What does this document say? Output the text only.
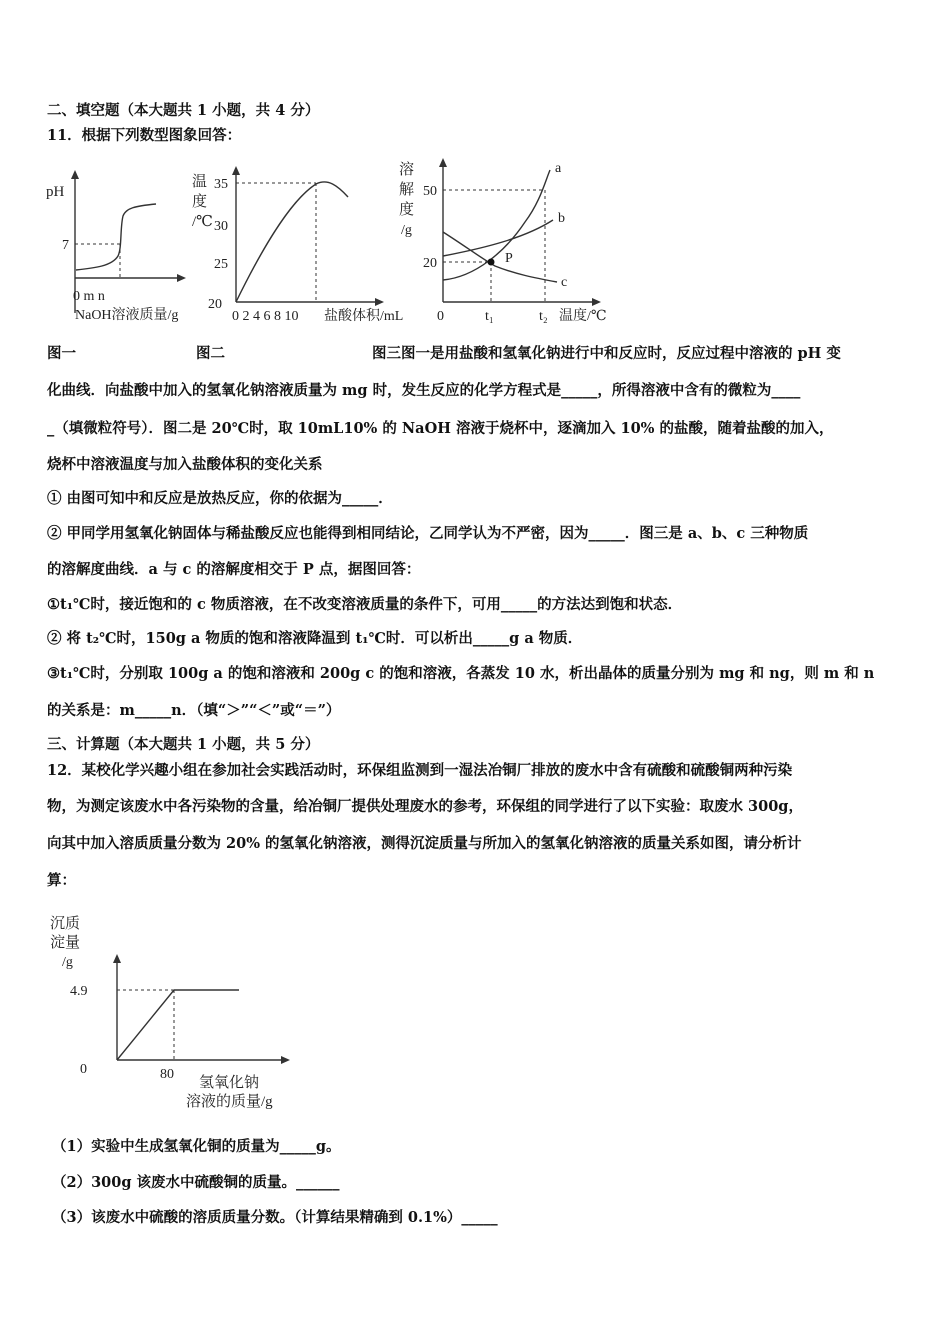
二、填空题（本大题共 1 小题，共 4 分）
11．根据下列数型图象回答：
pH
7
0 m n
NaOH溶液质量/g
温
度
/℃
35
30
25
20
0 2 4 6 8 10 盐酸体积/mL
溶
解
度
/g
50
20
0	t₁	t₂ 温度/℃
a
b
c
P
图一	图二	图三图一是用盐酸和氢氧化钠进行中和反应时，反应过程中溶液的 pH 变
化曲线．向盐酸中加入的氢氧化钠溶液质量为 mg 时，发生反应的化学方程式是_____，所得溶液中含有的微粒为____
_（填微粒符号）．图二是 20℃时，取 10mL10% 的 NaOH 溶液于烧杯中，逐滴加入 10% 的盐酸，随着盐酸的加入，
烧杯中溶液温度与加入盐酸体积的变化关系
① 由图可知中和反应是放热反应，你的依据为_____．
② 甲同学用氢氧化钠固体与稀盐酸反应也能得到相同结论，乙同学认为不严密，因为_____．图三是 a、b、c 三种物质
的溶解度曲线．a 与 c 的溶解度相交于 P 点，据图回答：
①t₁℃时，接近饱和的 c 物质溶液，在不改变溶液质量的条件下，可用_____的方法达到饱和状态．
② 将 t₂℃时，150g a 物质的饱和溶液降温到 t₁℃时．可以析出_____g a 物质．
③t₁℃时，分别取 100g a 的饱和溶液和 200g c 的饱和溶液，各蒸发 10 水，析出晶体的质量分别为 mg 和 ng，则 m 和 n
的关系是：m_____n．（填“＞”“＜”或“＝”）
三、计算题（本大题共 1 小题，共 5 分）
12．某校化学兴趣小组在参加社会实践活动时，环保组监测到一湿法冶铜厂排放的废水中含有硫酸和硫酸铜两种污染
物，为测定该废水中各污染物的含量，给冶铜厂提供处理废水的参考，环保组的同学进行了以下实验：取废水 300g，
向其中加入溶质质量分数为 20% 的氢氧化钠溶液，测得沉淀质量与所加入的氢氧化钠溶液的质量关系如图，请分析计
算：
沉质
淀量
/g
4.9
0	80
氢氧化钠
溶液的质量/g
（1）实验中生成氢氧化铜的质量为_____g。
（2）300g 该废水中硫酸铜的质量。______
（3）该废水中硫酸的溶质质量分数。（计算结果精确到 0.1%）_____
